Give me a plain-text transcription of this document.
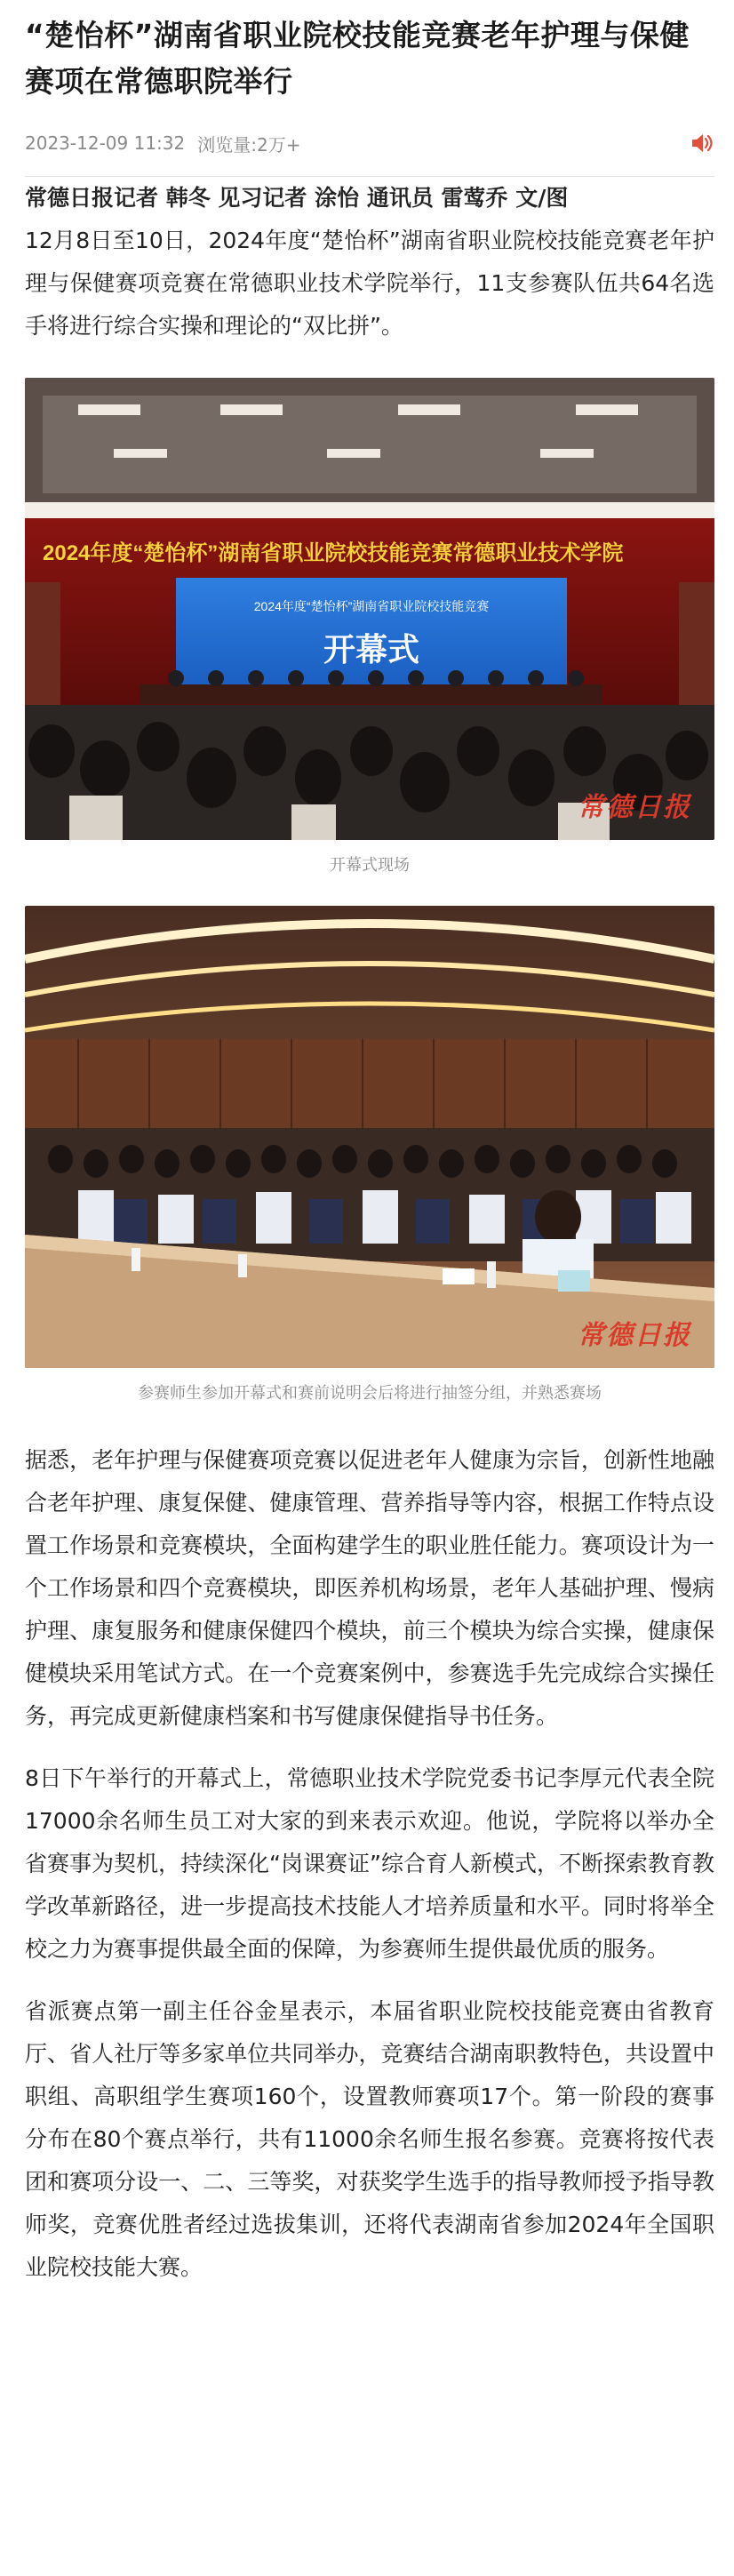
“楚怡杯”湖南省职业院校技能竞赛老年护理与保健赛项在常德职院举行
2023-12-09 11:32 浏览量:2万+

常德日报记者 韩冬 见习记者 涂怡 通讯员 雷莺乔 文/图

12月8日至10日，2024年度“楚怡杯”湖南省职业院校技能竞赛老年护理与保健赛项竞赛在常德职业技术学院举行，11支参赛队伍共64名选手将进行综合实操和理论的“双比拼”。

2024年度“楚怡杯”湖南省职业院校技能竞赛常德职业技术学院
2024年度“楚怡杯”湖南省职业院校技能竞赛
开幕式
常德日报
开幕式现场
常德日报
参赛师生参加开幕式和赛前说明会后将进行抽签分组，并熟悉赛场

据悉，老年护理与保健赛项竞赛以促进老年人健康为宗旨，创新性地融合老年护理、康复保健、健康管理、营养指导等内容，根据工作特点设置工作场景和竞赛模块，全面构建学生的职业胜任能力。赛项设计为一个工作场景和四个竞赛模块，即医养机构场景，老年人基础护理、慢病护理、康复服务和健康保健四个模块，前三个模块为综合实操，健康保健模块采用笔试方式。在一个竞赛案例中，参赛选手先完成综合实操任务，再完成更新健康档案和书写健康保健指导书任务。

8日下午举行的开幕式上，常德职业技术学院党委书记李厚元代表全院17000余名师生员工对大家的到来表示欢迎。他说，学院将以举办全省赛事为契机，持续深化“岗课赛证”综合育人新模式，不断探索教育教学改革新路径，进一步提高技术技能人才培养质量和水平。同时将举全校之力为赛事提供最全面的保障，为参赛师生提供最优质的服务。

省派赛点第一副主任谷金星表示，本届省职业院校技能竞赛由省教育厅、省人社厅等多家单位共同举办，竞赛结合湖南职教特色，共设置中职组、高职组学生赛项160个，设置教师赛项17个。第一阶段的赛事分布在80个赛点举行，共有11000余名师生报名参赛。竞赛将按代表团和赛项分设一、二、三等奖，对获奖学生选手的指导教师授予指导教师奖，竞赛优胜者经过选拔集训，还将代表湖南省参加2024年全国职业院校技能大赛。
